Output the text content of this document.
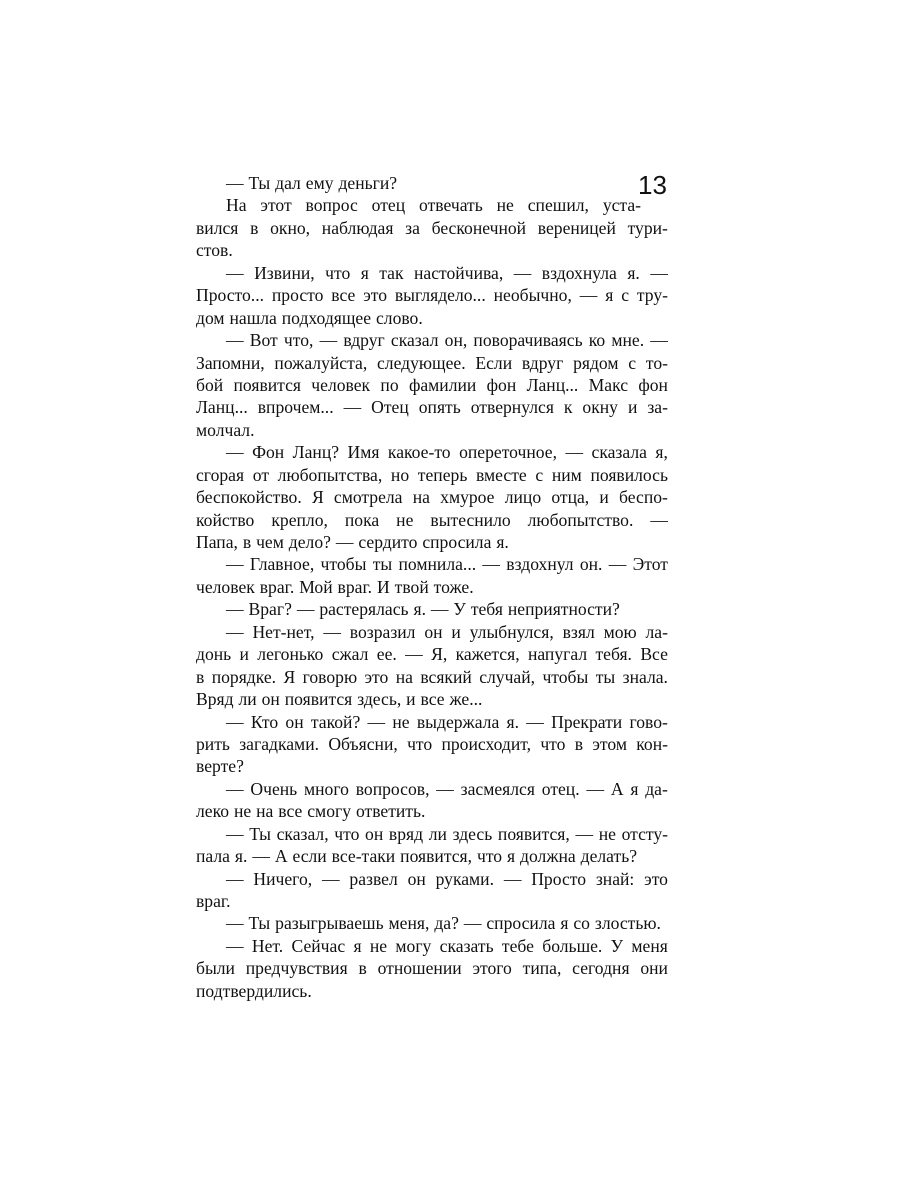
13
— Ты дал ему деньги?
На этот вопрос отец отвечать не спешил, уста-
вился в окно, наблюдая за бесконечной вереницей тури-
стов.
— Извини, что я так настойчива, — вздохнула я. —
Просто... просто все это выглядело... необычно, — я с тру-
дом нашла подходящее слово.
— Вот что, — вдруг сказал он, поворачиваясь ко мне. —
Запомни, пожалуйста, следующее. Если вдруг рядом с то-
бой появится человек по фамилии фон Ланц... Макс фон
Ланц... впрочем... — Отец опять отвернулся к окну и за-
молчал.
— Фон Ланц? Имя какое-то опереточное, — сказала я,
сгорая от любопытства, но теперь вместе с ним появилось
беспокойство. Я смотрела на хмурое лицо отца, и беспо-
койство крепло, пока не вытеснило любопытство. —
Папа, в чем дело? — сердито спросила я.
— Главное, чтобы ты помнила... — вздохнул он. — Этот
человек враг. Мой враг. И твой тоже.
— Враг? — растерялась я. — У тебя неприятности?
— Нет-нет, — возразил он и улыбнулся, взял мою ла-
донь и легонько сжал ее. — Я, кажется, напугал тебя. Все
в порядке. Я говорю это на всякий случай, чтобы ты знала.
Вряд ли он появится здесь, и все же...
— Кто он такой? — не выдержала я. — Прекрати гово-
рить загадками. Объясни, что происходит, что в этом кон-
верте?
— Очень много вопросов, — засмеялся отец. — А я да-
леко не на все смогу ответить.
— Ты сказал, что он вряд ли здесь появится, — не отсту-
пала я. — А если все-таки появится, что я должна делать?
— Ничего, — развел он руками. — Просто знай: это
враг.
— Ты разыгрываешь меня, да? — спросила я со злостью.
— Нет. Сейчас я не могу сказать тебе больше. У меня
были предчувствия в отношении этого типа, сегодня они
подтвердились.
